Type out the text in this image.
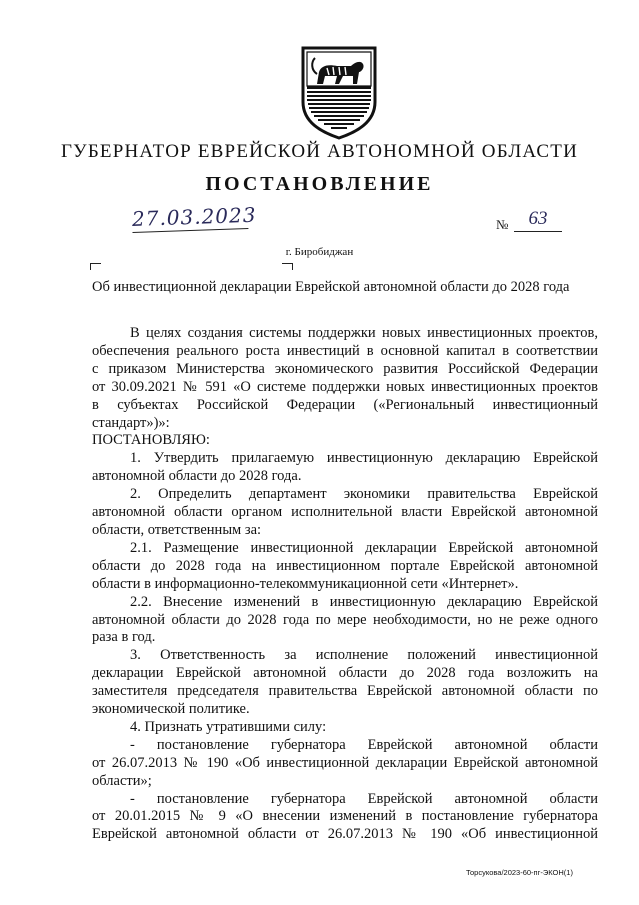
ГУБЕРНАТОР ЕВРЕЙСКОЙ АВТОНОМНОЙ ОБЛАСТИ
ПОСТАНОВЛЕНИЕ
27.03.2023	№	63
г. Биробиджан
Об инвестиционной декларации Еврейской автономной области до 2028 года

В целях создания системы поддержки новых инвестиционных проектов,

обеспечения реального роста инвестиций в основной капитал в соответствии

с приказом Министерства экономического развития Российской Федерации

от 30.09.2021 № 591 «О системе поддержки новых инвестиционных проектов

в субъектах Российской Федерации («Региональный инвестиционный

стандарт»)»:

ПОСТАНОВЛЯЮ:

1. Утвердить прилагаемую инвестиционную декларацию Еврейской

автономной области до 2028 года.

2. Определить департамент экономики правительства Еврейской

автономной области органом исполнительной власти Еврейской автономной

области, ответственным за:

2.1. Размещение инвестиционной декларации Еврейской автономной

области до 2028 года на инвестиционном портале Еврейской автономной

области в информационно-телекоммуникационной сети «Интернет».

2.2. Внесение изменений в инвестиционную декларацию Еврейской

автономной области до 2028 года по мере необходимости, но не реже одного

раза в год.

3. Ответственность за исполнение положений инвестиционной

декларации Еврейской автономной области до 2028 года возложить на

заместителя председателя правительства Еврейской автономной области по

экономической политике.

4. Признать утратившими силу:

- постановление губернатора Еврейской автономной области

от 26.07.2013 № 190 «Об инвестиционной декларации Еврейской автономной

области»;

- постановление губернатора Еврейской автономной области

от 20.01.2015 № 9 «О внесении изменений в постановление губернатора

Еврейской автономной области от 26.07.2013 № 190 «Об инвестиционной

Торсукова/2023-60-пг-ЭКОН(1)
